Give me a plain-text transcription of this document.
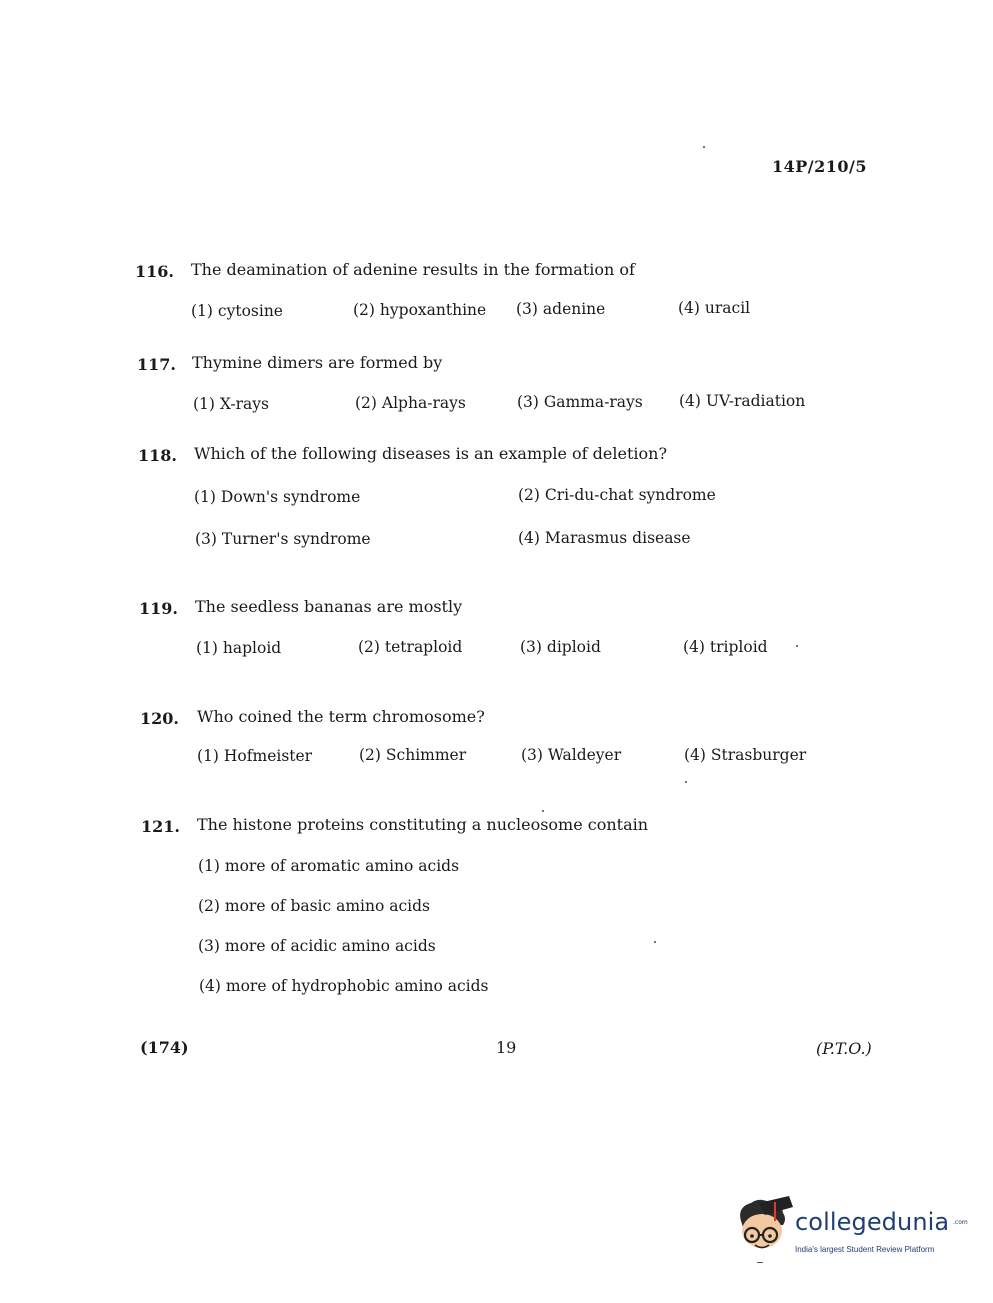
14P/210/5
116. The deamination of adenine results in the formation of
(1) cytosine	(2) hypoxanthine (3) adenine	(4) uracil
117. Thymine dimers are formed by
(1) X-rays	(2) Alpha-rays	(3) Gamma-rays (4) UV-radiation
118. Which of the following diseases is an example of deletion?
(1) Down's syndrome	(2) Cri-du-chat syndrome
(3) Turner's syndrome	(4) Marasmus disease
119. The seedless bananas are mostly
(1) haploid	(2) tetraploid	(3) diploid	(4) triploid
120. Who coined the term chromosome?
(1) Hofmeister	(2) Schimmer	(3) Waldeyer	(4) Strasburger
121. The histone proteins constituting a nucleosome contain
(1) more of aromatic amino acids
(2) more of basic amino acids
(3) more of acidic amino acids
(4) more of hydrophobic amino acids
(174)	19	(P.T.O.)
collegedunia .com
India's largest Student Review Platform
